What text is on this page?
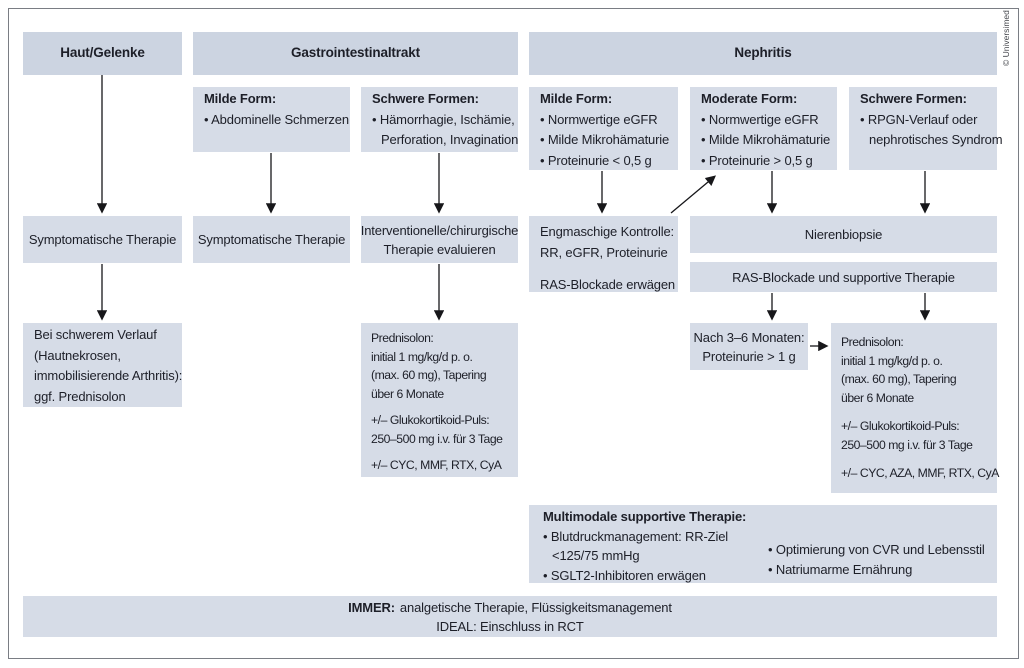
Haut/Gelenke	Gastrointestinaltrakt	Nephritis
Milde Form:
• Abdominelle Schmerzen
Schwere Formen:
• Hämorrhagie, Ischämie,
Perforation, Invagination
Milde Form:
• Normwertige eGFR
• Milde Mikrohämaturie
• Proteinurie < 0,5 g
Moderate Form:
• Normwertige eGFR
• Milde Mikrohämaturie
• Proteinurie > 0,5 g
Schwere Formen:
• RPGN-Verlauf oder
nephrotisches Syndrom
Symptomatische Therapie Symptomatische Therapie
Interventionelle/chirurgische
Therapie evaluieren
Engmaschige Kontrolle:
RR, eGFR, Proteinurie
RAS-Blockade erwägen
Nierenbiopsie
RAS-Blockade und supportive Therapie
Bei schwerem Verlauf
(Hautnekrosen,
immobilisierende Arthritis):
ggf. Prednisolon
Prednisolon:
initial 1 mg/kg/d p. o.
(max. 60 mg), Tapering
über 6 Monate
+/– Glukokortikoid-Puls:
250–500 mg i.v. für 3 Tage
+/– CYC, MMF, RTX, CyA
Nach 3–6 Monaten:
Proteinurie > 1 g
Prednisolon:
initial 1 mg/kg/d p. o.
(max. 60 mg), Tapering
über 6 Monate
+/– Glukokortikoid-Puls:
250–500 mg i.v. für 3 Tage
+/– CYC, AZA, MMF, RTX, CyA
Multimodale supportive Therapie:
• Blutdruckmanagement: RR-Ziel
<125/75 mmHg
• SGLT2-Inhibitoren erwägen
• Optimierung von CVR und Lebensstil
• Natriumarme Ernährung
IMMER: analgetische Therapie, Flüssigkeitsmanagement
IDEAL: Einschluss in RCT
© Universimed
